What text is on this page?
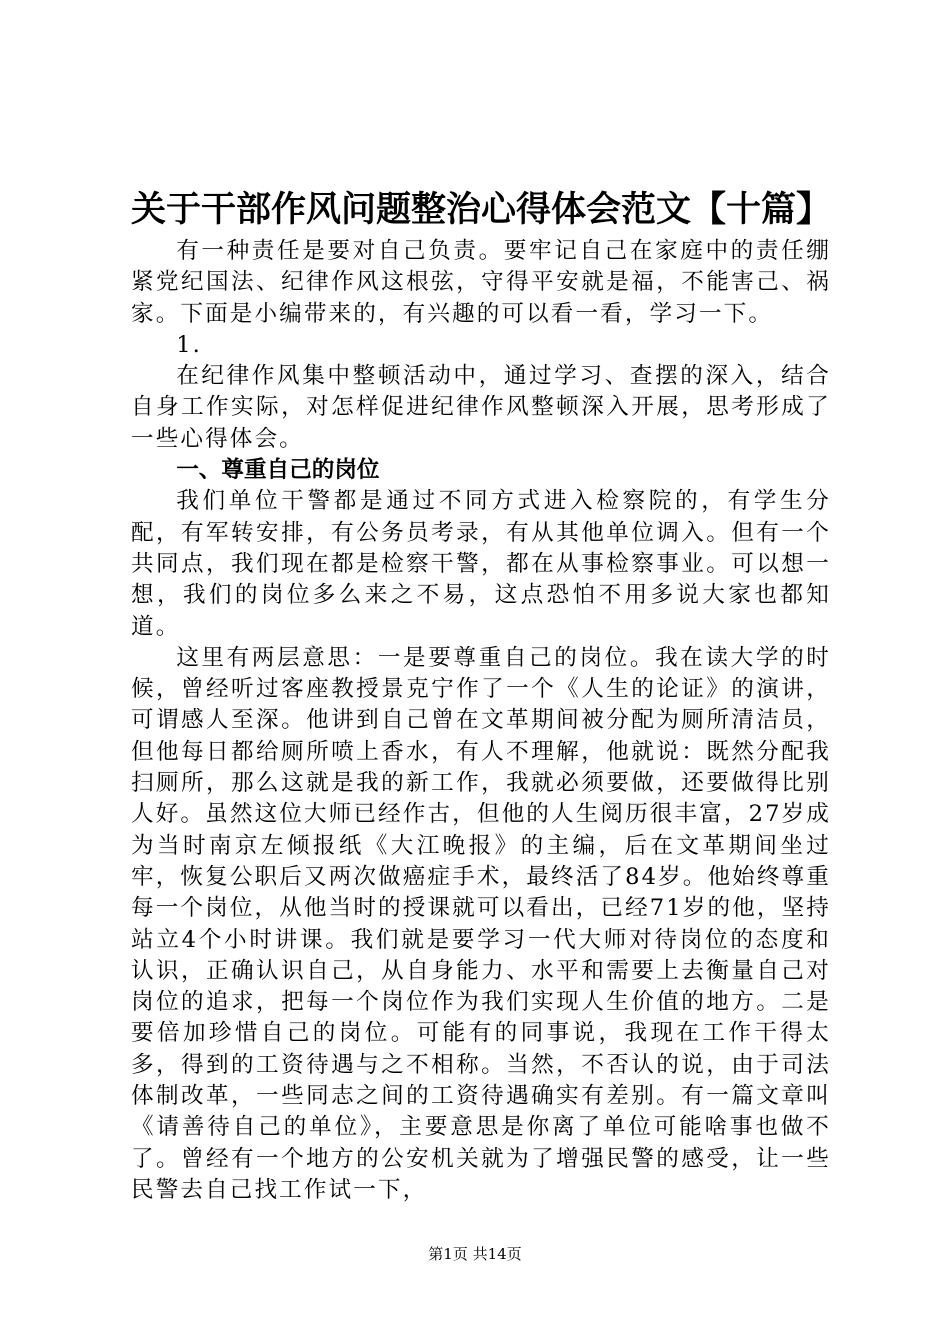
关于干部作风问题整治心得体会范文【十篇】

有一种责任是要对自己负责。要牢记自己在家庭中的责任绷紧党纪国法、纪律作风这根弦，守得平安就是福，不能害己、祸家。下面是小编带来的，有兴趣的可以看一看，学习一下。

1.

在纪律作风集中整顿活动中，通过学习、查摆的深入，结合自身工作实际，对怎样促进纪律作风整顿深入开展，思考形成了一些心得体会。

一、尊重自己的岗位

我们单位干警都是通过不同方式进入检察院的，有学生分配，有军转安排，有公务员考录，有从其他单位调入。但有一个共同点，我们现在都是检察干警，都在从事检察事业。可以想一想，我们的岗位多么来之不易，这点恐怕不用多说大家也都知道。

这里有两层意思：一是要尊重自己的岗位。我在读大学的时候，曾经听过客座教授景克宁作了一个《人生的论证》的演讲，可谓感人至深。他讲到自己曾在文革期间被分配为厕所清洁员，但他每日都给厕所喷上香水，有人不理解，他就说：既然分配我扫厕所，那么这就是我的新工作，我就必须要做，还要做得比别人好。虽然这位大师已经作古，但他的人生阅历很丰富，27岁成为当时南京左倾报纸《大江晚报》的主编，后在文革期间坐过牢，恢复公职后又两次做癌症手术，最终活了84岁。他始终尊重每一个岗位，从他当时的授课就可以看出，已经71岁的他，坚持站立4个小时讲课。我们就是要学习一代大师对待岗位的态度和认识，正确认识自己，从自身能力、水平和需要上去衡量自己对岗位的追求，把每一个岗位作为我们实现人生价值的地方。二是要倍加珍惜自己的岗位。可能有的同事说，我现在工作干得太多，得到的工资待遇与之不相称。当然，不否认的说，由于司法体制改革，一些同志之间的工资待遇确实有差别。有一篇文章叫《请善待自己的单位》，主要意思是你离了单位可能啥事也做不了。曾经有一个地方的公安机关就为了增强民警的感受，让一些民警去自己找工作试一下，

第1页 共14页
